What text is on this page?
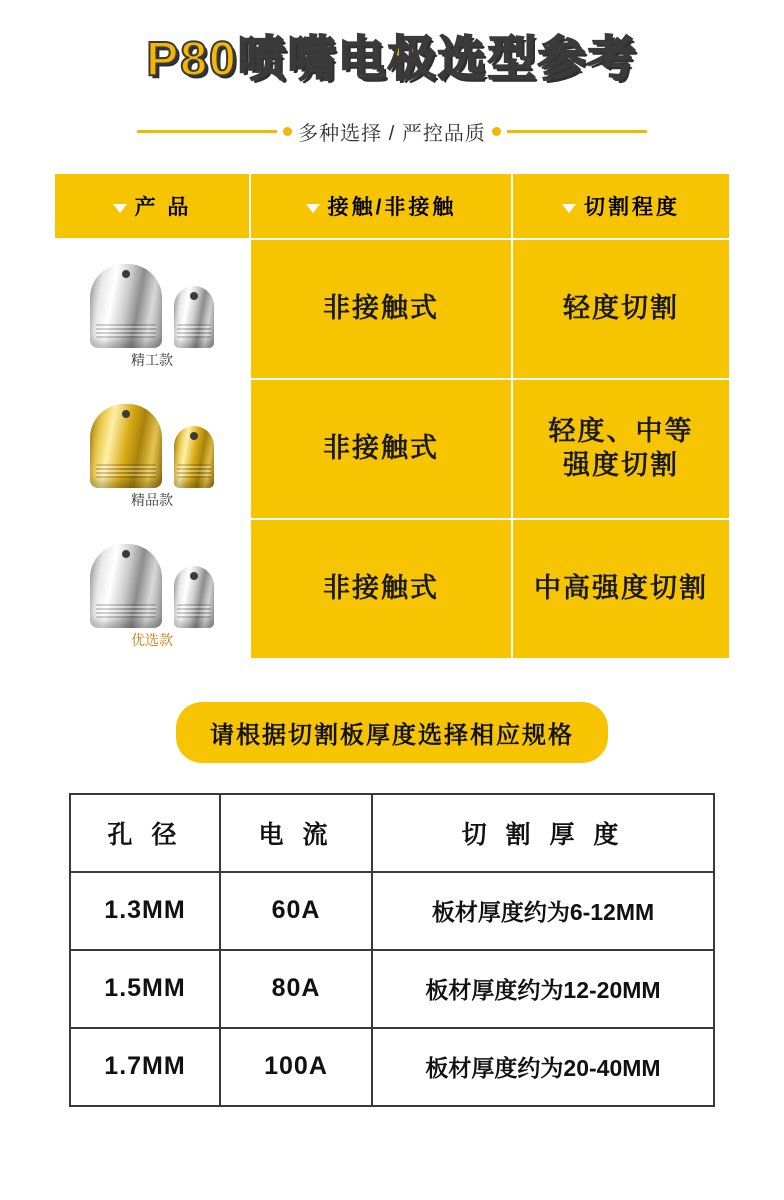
P80喷嘴电极选型参考
多种选择 / 严控品质
产 品	接触/非接触	切割程度

精工款	非接触式	轻度切割

精品款	非接触式	轻度、中等
强度切割

优选款	非接触式	中高强度切割
请根据切割板厚度选择相应规格
孔 径	电 流	切 割 厚 度
1.3MM	60A	板材厚度约为6-12MM
1.5MM	80A	板材厚度约为12-20MM
1.7MM	100A	板材厚度约为20-40MM
